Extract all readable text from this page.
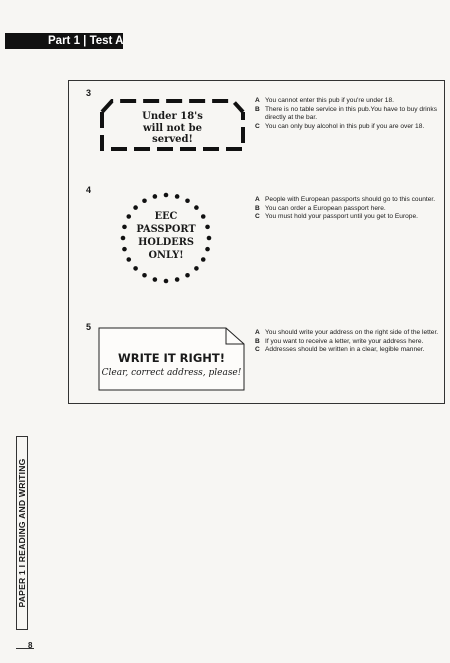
Part 1 | Test A
3
Under 18's
will not be
served!
A You cannot enter this pub if you're under 18.
B There is no table service in this pub.You have to buy drinks directly at the bar.
C You can only buy alcohol in this pub if you are over 18.
4
EEC
PASSPORT
HOLDERS
ONLY!
A People with European passports should go to this counter.
B You can order a European passport here.
C You must hold your passport until you get to Europe.
5
WRITE IT RIGHT!
Clear, correct address, please!
A You should write your address on the right side of the letter.
B If you want to receive a letter, write your address here.
C Addresses should be written in a clear, legible manner.
PAPER 1 I READING AND WRITING
8
